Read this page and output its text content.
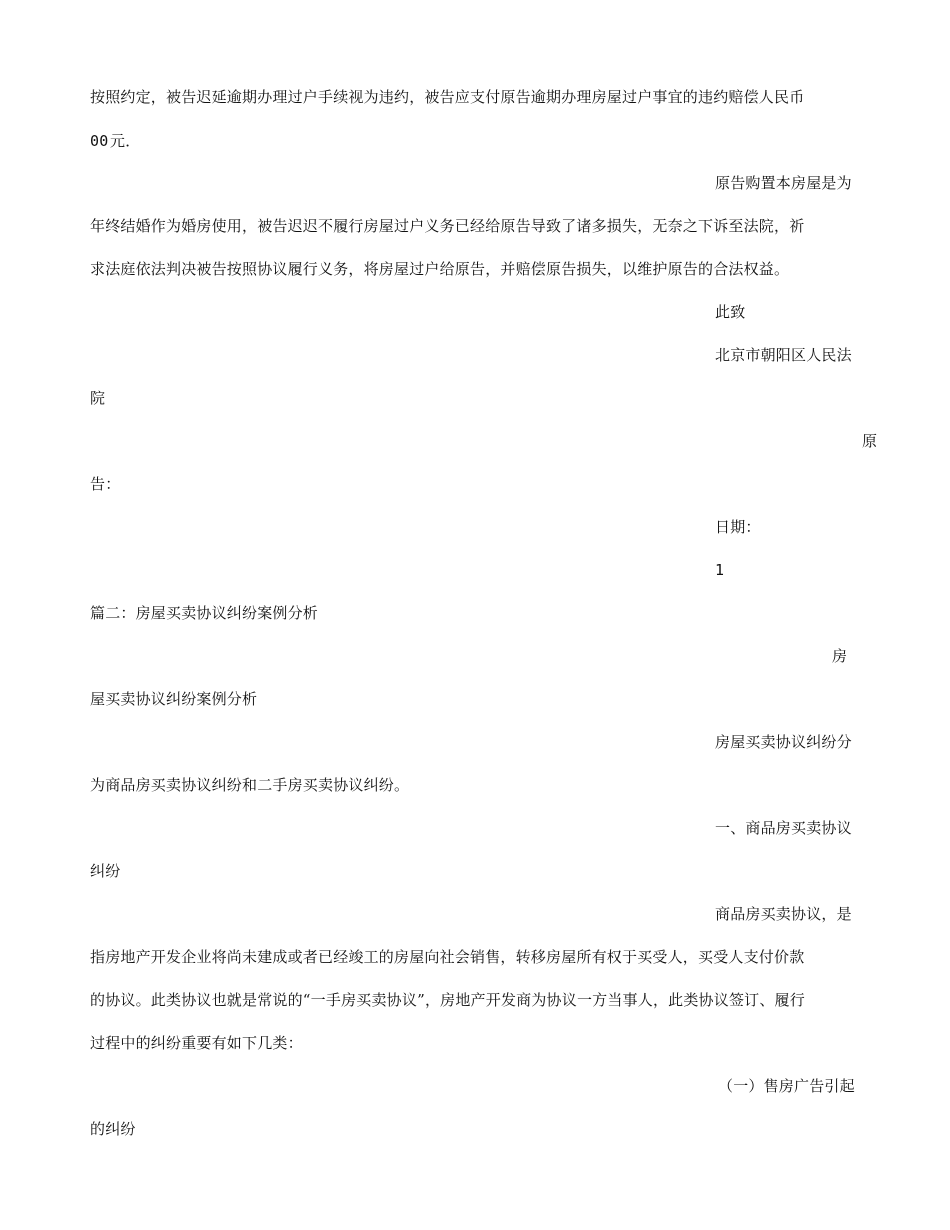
按照约定，被告迟延逾期办理过户手续视为违约，被告应支付原告逾期办理房屋过户事宜的违约赔偿人民币
00 元．
原告购置本房屋是为
年终结婚作为婚房使用，被告迟迟不履行房屋过户义务已经给原告导致了诸多损失，无奈之下诉至法院，祈
求法庭依法判决被告按照协议履行义务，将房屋过户给原告，并赔偿原告损失，以维护原告的合法权益。
此致
北京市朝阳区人民法
院
原
告：
日期：
1
篇二：房屋买卖协议纠纷案例分析
房
屋买卖协议纠纷案例分析
房屋买卖协议纠纷分
为商品房买卖协议纠纷和二手房买卖协议纠纷。
一、商品房买卖协议
纠纷
商品房买卖协议，是
指房地产开发企业将尚未建成或者已经竣工的房屋向社会销售，转移房屋所有权于买受人，买受人支付价款
的协议。此类协议也就是常说的“一手房买卖协议”，房地产开发商为协议一方当事人，此类协议签订、履行
过程中的纠纷重要有如下几类：
（一）售房广告引起
的纠纷
